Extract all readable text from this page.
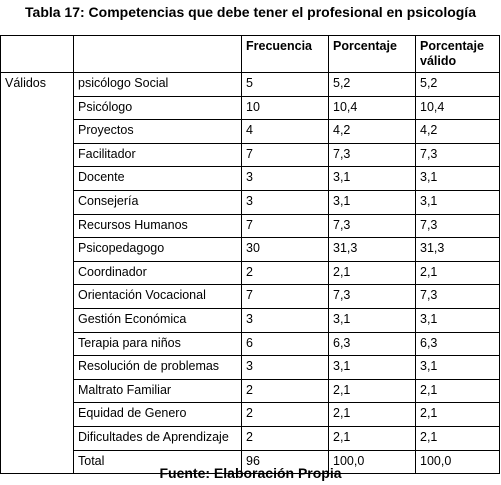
Tabla 17: Competencias que debe tener el profesional en psicología
		Frecuencia	Porcentaje	Porcentaje válido
Válidos	psicólogo Social	5	5,2	5,2
	Psicólogo	10	10,4	10,4
	Proyectos	4	4,2	4,2
	Facilitador	7	7,3	7,3
	Docente	3	3,1	3,1
	Consejería	3	3,1	3,1
	Recursos Humanos	7	7,3	7,3
	Psicopedagogo	30	31,3	31,3
	Coordinador	2	2,1	2,1
	Orientación Vocacional	7	7,3	7,3
	Gestión Económica	3	3,1	3,1
	Terapia para niños	6	6,3	6,3
	Resolución de problemas	3	3,1	3,1
	Maltrato Familiar	2	2,1	2,1
	Equidad de Genero	2	2,1	2,1
	Dificultades de Aprendizaje	2	2,1	2,1
	Total	96	100,0	100,0
Fuente: Elaboración Propia
